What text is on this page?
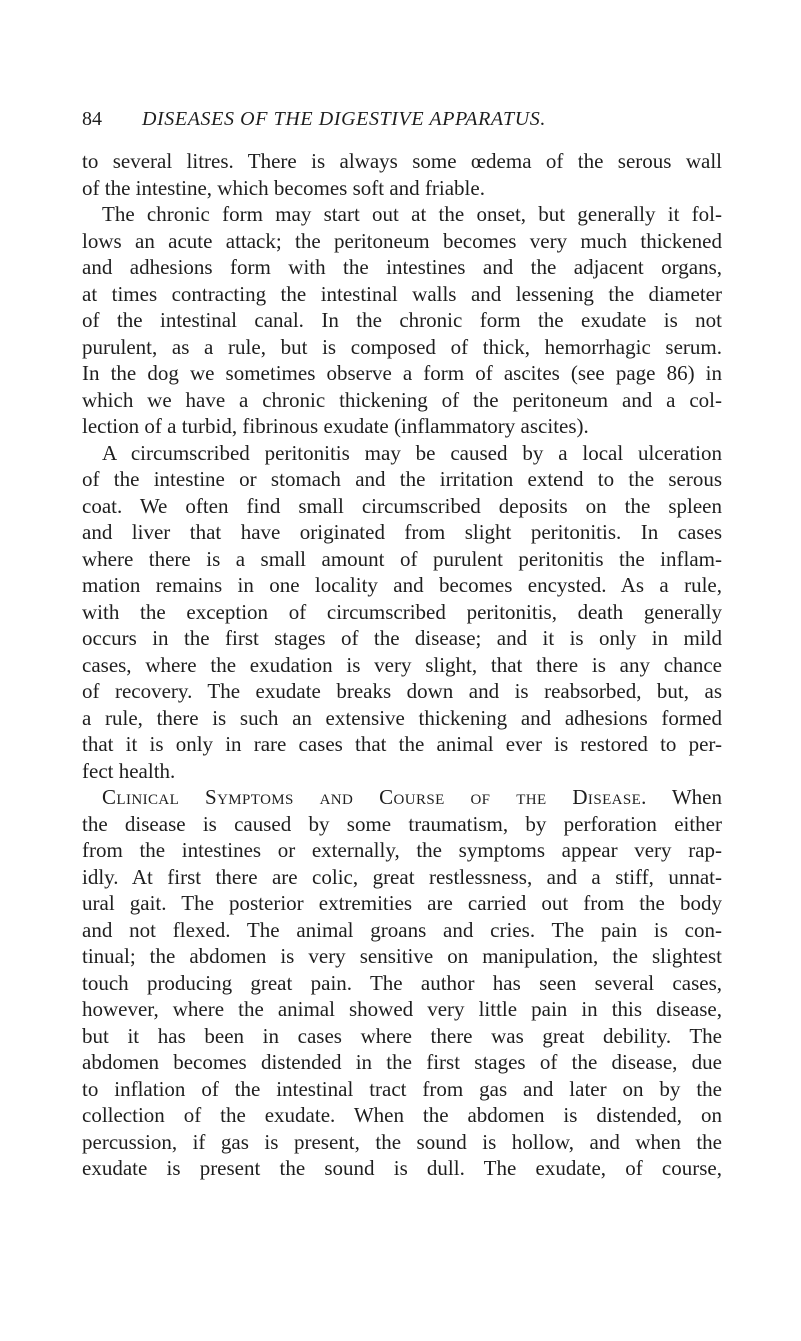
84 DISEASES OF THE DIGESTIVE APPARATUS.
to several litres. There is always some œdema of the serous wall
of the intestine, which becomes soft and friable.
The chronic form may start out at the onset, but generally it fol-
lows an acute attack; the peritoneum becomes very much thickened
and adhesions form with the intestines and the adjacent organs,
at times contracting the intestinal walls and lessening the diameter
of the intestinal canal. In the chronic form the exudate is not
purulent, as a rule, but is composed of thick, hemorrhagic serum.
In the dog we sometimes observe a form of ascites (see page 86) in
which we have a chronic thickening of the peritoneum and a col-
lection of a turbid, fibrinous exudate (inflammatory ascites).
A circumscribed peritonitis may be caused by a local ulceration
of the intestine or stomach and the irritation extend to the serous
coat. We often find small circumscribed deposits on the spleen
and liver that have originated from slight peritonitis. In cases
where there is a small amount of purulent peritonitis the inflam-
mation remains in one locality and becomes encysted. As a rule,
with the exception of circumscribed peritonitis, death generally
occurs in the first stages of the disease; and it is only in mild
cases, where the exudation is very slight, that there is any chance
of recovery. The exudate breaks down and is reabsorbed, but, as
a rule, there is such an extensive thickening and adhesions formed
that it is only in rare cases that the animal ever is restored to per-
fect health.
Clinical Symptoms and Course of the Disease. When
the disease is caused by some traumatism, by perforation either
from the intestines or externally, the symptoms appear very rap-
idly. At first there are colic, great restlessness, and a stiff, unnat-
ural gait. The posterior extremities are carried out from the body
and not flexed. The animal groans and cries. The pain is con-
tinual; the abdomen is very sensitive on manipulation, the slightest
touch producing great pain. The author has seen several cases,
however, where the animal showed very little pain in this disease,
but it has been in cases where there was great debility. The
abdomen becomes distended in the first stages of the disease, due
to inflation of the intestinal tract from gas and later on by the
collection of the exudate. When the abdomen is distended, on
percussion, if gas is present, the sound is hollow, and when the
exudate is present the sound is dull. The exudate, of course,
